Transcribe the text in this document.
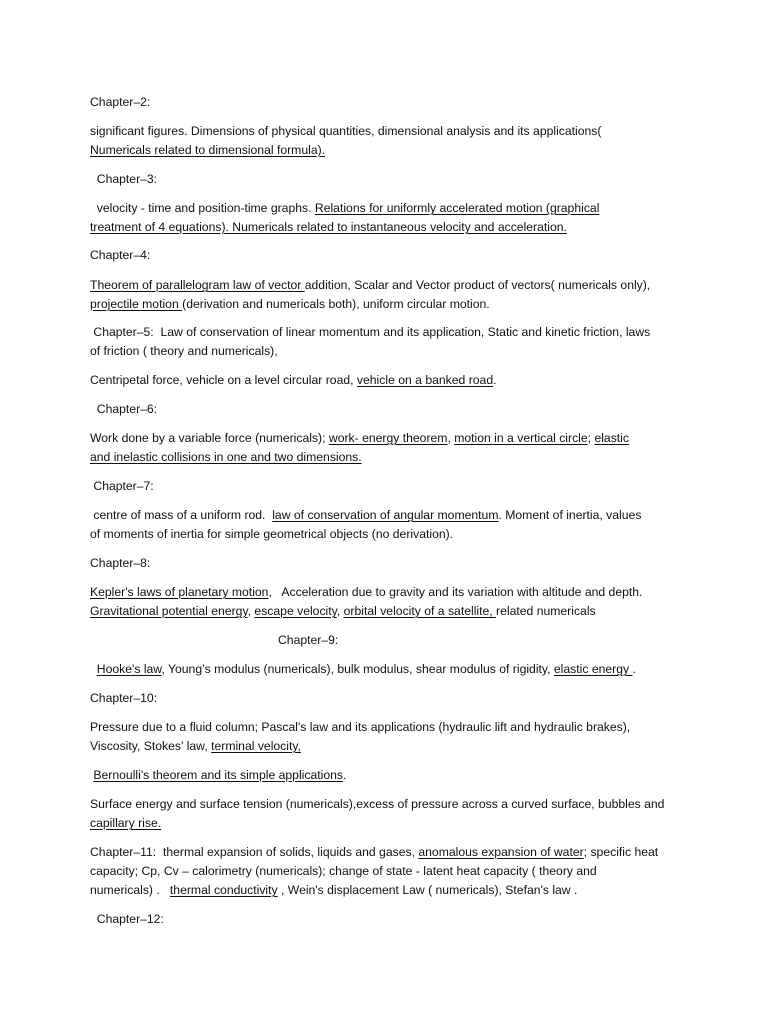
Chapter–2:
significant figures. Dimensions of physical quantities, dimensional analysis and its applications(
Numericals related to dimensional formula).
Chapter–3:
velocity - time and position-time graphs. Relations for uniformly accelerated motion (graphical
treatment of 4 equations). Numericals related to instantaneous velocity and acceleration.
Chapter–4:
Theorem of parallelogram law of vector addition, Scalar and Vector product of vectors( numericals only),
projectile motion (derivation and numericals both), uniform circular motion.
Chapter–5:  Law of conservation of linear momentum and its application, Static and kinetic friction, laws
of friction ( theory and numericals),
Centripetal force, vehicle on a level circular road, vehicle on a banked road.
Chapter–6:
Work done by a variable force (numericals); work- energy theorem, motion in a vertical circle; elastic
and inelastic collisions in one and two dimensions.
Chapter–7:
centre of mass of a uniform rod.  law of conservation of angular momentum. Moment of inertia, values
of moments of inertia for simple geometrical objects (no derivation).
Chapter–8:
Kepler's laws of planetary motion,   Acceleration due to gravity and its variation with altitude and depth.
Gravitational potential energy, escape velocity, orbital velocity of a satellite, related numericals
Chapter–9:
Hooke's law, Young’s modulus (numericals), bulk modulus, shear modulus of rigidity, elastic energy .
Chapter–10:
Pressure due to a fluid column; Pascal's law and its applications (hydraulic lift and hydraulic brakes),
Viscosity, Stokes' law, terminal velocity,
Bernoulli's theorem and its simple applications.
Surface energy and surface tension (numericals),excess of pressure across a curved surface, bubbles and
capillary rise.
Chapter–11:  thermal expansion of solids, liquids and gases, anomalous expansion of water; specific heat
capacity; Cp, Cv – calorimetry (numericals); change of state - latent heat capacity ( theory and
numericals) .   thermal conductivity , Wein's displacement Law ( numericals), Stefan's law .
Chapter–12:
